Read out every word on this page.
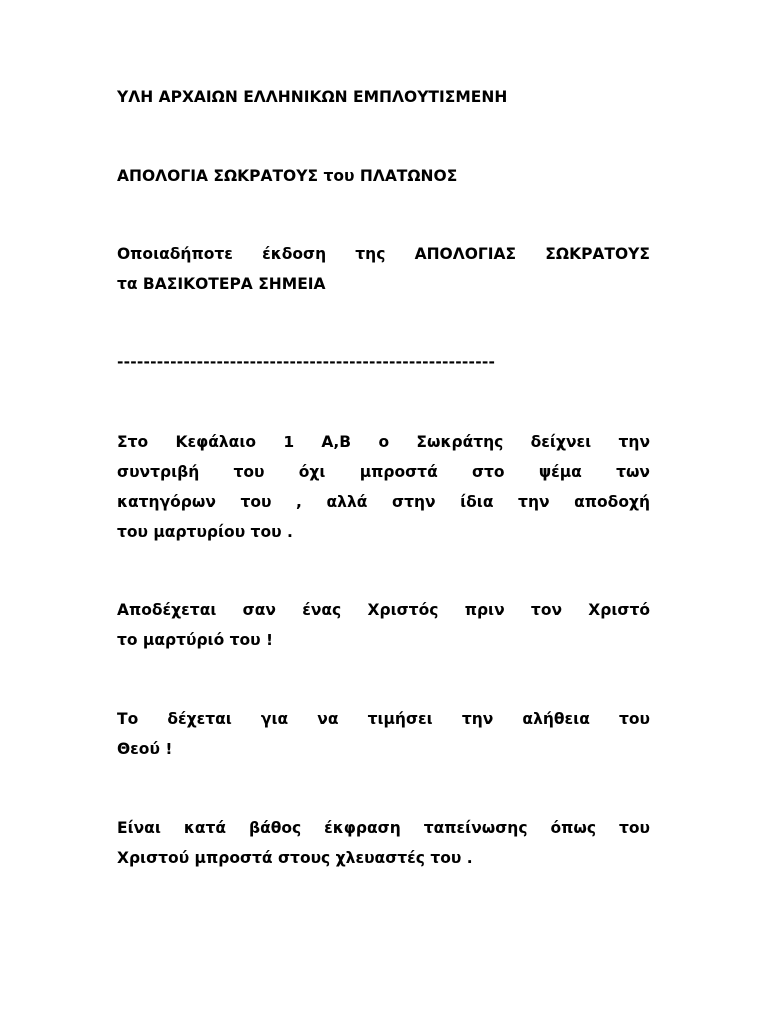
ΥΛΗ ΑΡΧΑΙΩΝ ΕΛΛΗΝΙΚΩΝ ΕΜΠΛΟΥΤΙΣΜΕΝΗ
ΑΠΟΛΟΓΙΑ ΣΩΚΡΑΤΟΥΣ του ΠΛΑΤΩΝΟΣ
Οποιαδήποτε έκδοση της ΑΠΟΛΟΓΙΑΣ ΣΩΚΡΑΤΟΥΣ
τα ΒΑΣΙΚΟΤΕΡΑ ΣΗΜΕΙΑ
---------------------------------------------------------
Στο Κεφάλαιο 1 Α,Β ο Σωκράτης δείχνει την
συντριβή του όχι μπροστά στο ψέμα των
κατηγόρων του , αλλά στην ίδια την αποδοχή
του μαρτυρίου του .
Αποδέχεται σαν ένας Χριστός πριν τον Χριστό
το μαρτύριό του !
Το δέχεται για να τιμήσει την αλήθεια του
Θεού !
Είναι κατά βάθος έκφραση ταπείνωσης όπως του
Χριστού μπροστά στους χλευαστές του .
